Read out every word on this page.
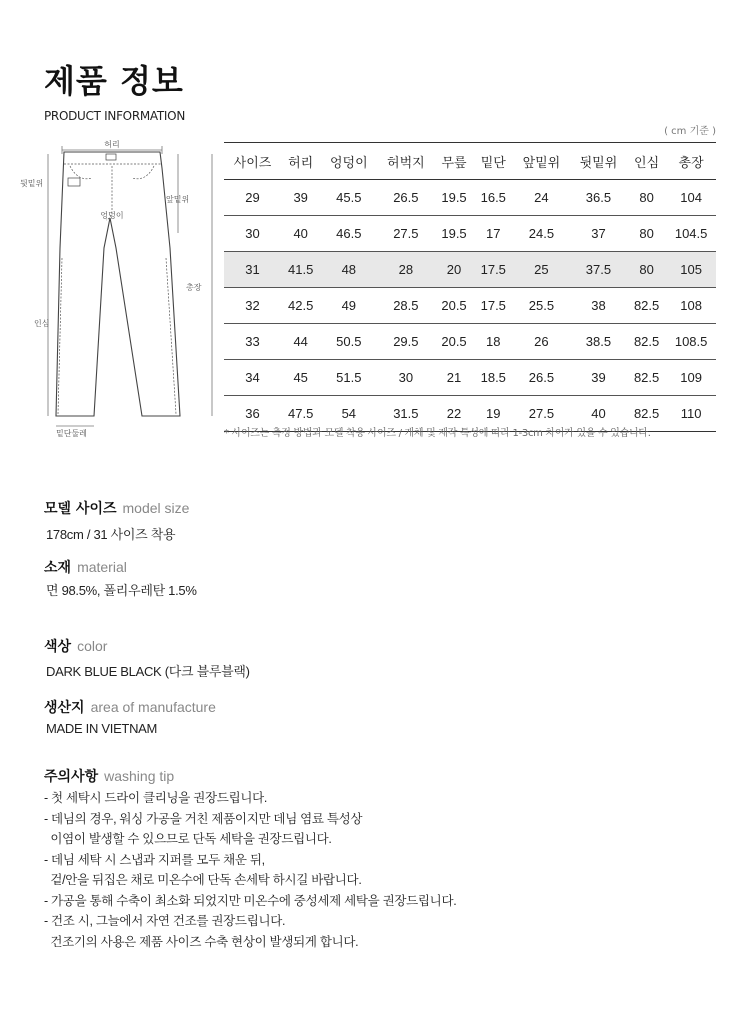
제품 정보
PRODUCT INFORMATION
( cm 기준 )
허리
뒷밑위
앞밑위
엉덩이
총장
인심
밑단둘레
사이즈	허리	엉덩이	허벅지	무릎	밑단	앞밑위	뒷밑위	인심	총장
29	39	45.5	26.5	19.5	16.5	24	36.5	80	104
30	40	46.5	27.5	19.5	17	24.5	37	80	104.5
31	41.5	48	28	20	17.5	25	37.5	80	105
32	42.5	49	28.5	20.5	17.5	25.5	38	82.5	108
33	44	50.5	29.5	20.5	18	26	38.5	82.5	108.5
34	45	51.5	30	21	18.5	26.5	39	82.5	109
36	47.5	54	31.5	22	19	27.5	40	82.5	110
* 사이즈는 측정 방법과 모델 착용 사이즈 / 개체 및 제작 특성에 따라 1-3cm 차이가 있을 수 있습니다.
모델 사이즈 model size
178cm / 31 사이즈 착용
소재 material
면 98.5%, 폴리우레탄 1.5%
색상 color
DARK BLUE BLACK (다크 블루블랙)
생산지 area of manufacture
MADE IN VIETNAM
주의사항 washing tip
- 첫 세탁시 드라이 클리닝을 권장드립니다.
- 데님의 경우, 워싱 가공을 거친 제품이지만 데님 염료 특성상
이염이 발생할 수 있으므로 단독 세탁을 권장드립니다.
- 데님 세탁 시 스냅과 지퍼를 모두 채운 뒤,
겉/안을 뒤집은 채로 미온수에 단독 손세탁 하시길 바랍니다.
- 가공을 통해 수축이 최소화 되었지만 미온수에 중성세제 세탁을 권장드립니다.
- 건조 시, 그늘에서 자연 건조를 권장드립니다.
건조기의 사용은 제품 사이즈 수축 현상이 발생되게 합니다.
